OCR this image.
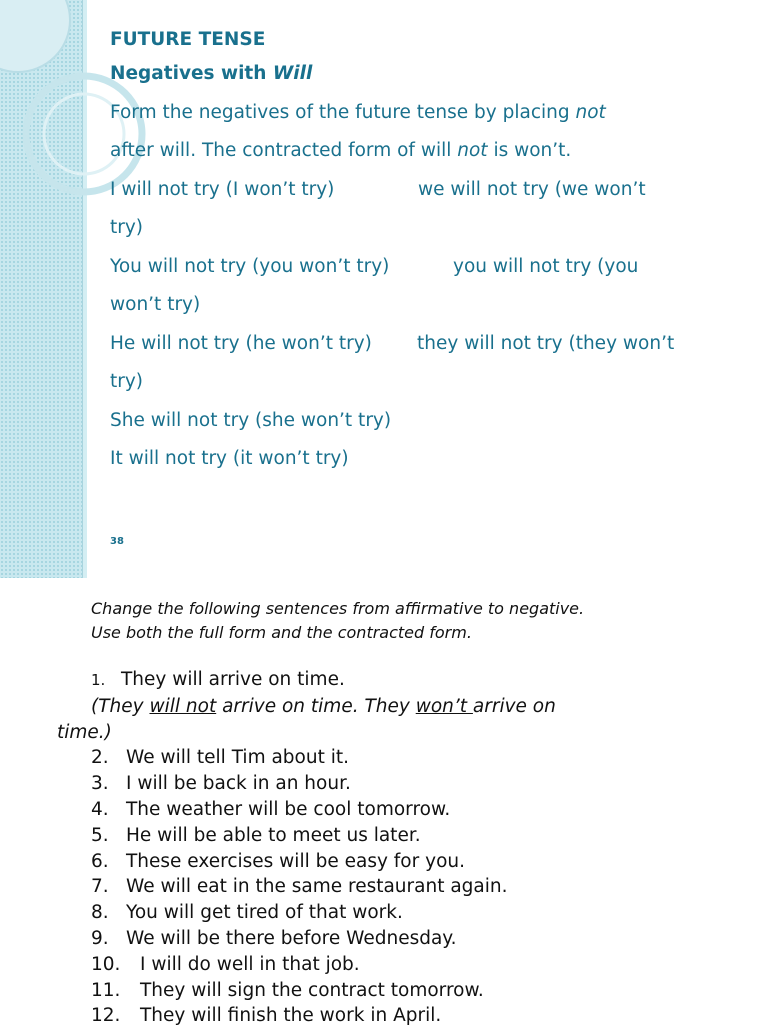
FUTURE TENSE

Negatives with Will

Form the negatives of the future tense by placing not

after will. The contracted form of will not is won’t.

I will not try (I won’t try)	we will not try (we won’t

try)

You will not try (you won’t try)	you will not try (you

won’t try)

He will not try (he won’t try)	they will not try (they won’t

try)

She will not try (she won’t try)

It will not try (it won’t try)

38

Change the following sentences from affirmative to negative.

Use both the full form and the contracted form.

1. They will arrive on time.
(They will not arrive on time. They won’t arrive on
time.)
2. We will tell Tim about it.
3. I will be back in an hour.
4. The weather will be cool tomorrow.
5. He will be able to meet us later.
6. These exercises will be easy for you.
7. We will eat in the same restaurant again.
8. You will get tired of that work.
9. We will be there before Wednesday.
10. I will do well in that job.
11. They will sign the contract tomorrow.
12. They will finish the work in April.
